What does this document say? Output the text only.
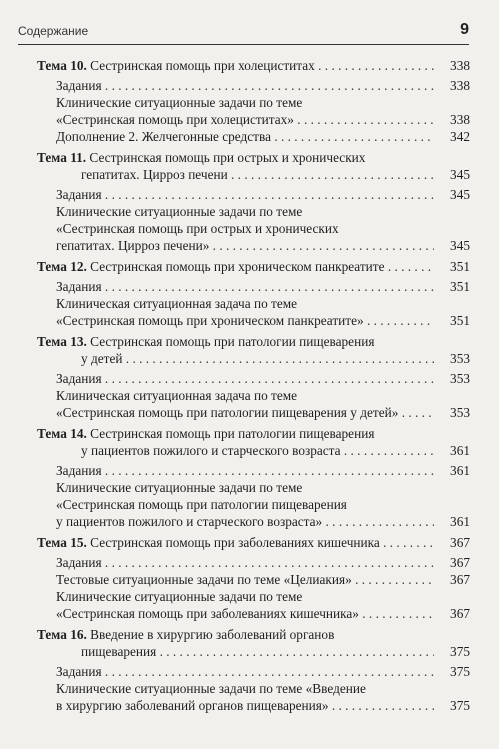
Содержание	9
Тема 10. Сестринская помощь при холециститах . . .	338
Задания . . .	338
Клинические ситуационные задачи по теме
«Сестринская помощь при холециститах» . . .	338
Дополнение 2. Желчегонные средства . . .	342
Тема 11. Сестринская помощь при острых и хронических
гепатитах. Цирроз печени . . .	345
Задания . . .	345
Клинические ситуационные задачи по теме
«Сестринская помощь при острых и хронических
гепатитах. Цирроз печени» . . .	345
Тема 12. Сестринская помощь при хроническом панкреатите . . .	351
Задания . . .	351
Клиническая ситуационная задача по теме
«Сестринская помощь при хроническом панкреатите» . . .	351
Тема 13. Сестринская помощь при патологии пищеварения
у детей . . .	353
Задания . . .	353
Клиническая ситуационная задача по теме
«Сестринская помощь при патологии пищеварения у детей» . . .	353
Тема 14. Сестринская помощь при патологии пищеварения
у пациентов пожилого и старческого возраста . . .	361
Задания . . .	361
Клинические ситуационные задачи по теме
«Сестринская помощь при патологии пищеварения
у пациентов пожилого и старческого возраста» . . .	361
Тема 15. Сестринская помощь при заболеваниях кишечника . . .	367
Задания . . .	367
Тестовые ситуационные задачи по теме «Целиакия» . . .	367
Клинические ситуационные задачи по теме
«Сестринская помощь при заболеваниях кишечника» . . .	367
Тема 16. Введение в хирургию заболеваний органов
пищеварения . . .	375
Задания . . .	375
Клинические ситуационные задачи по теме «Введение
в хирургию заболеваний органов пищеварения» . . .	375
